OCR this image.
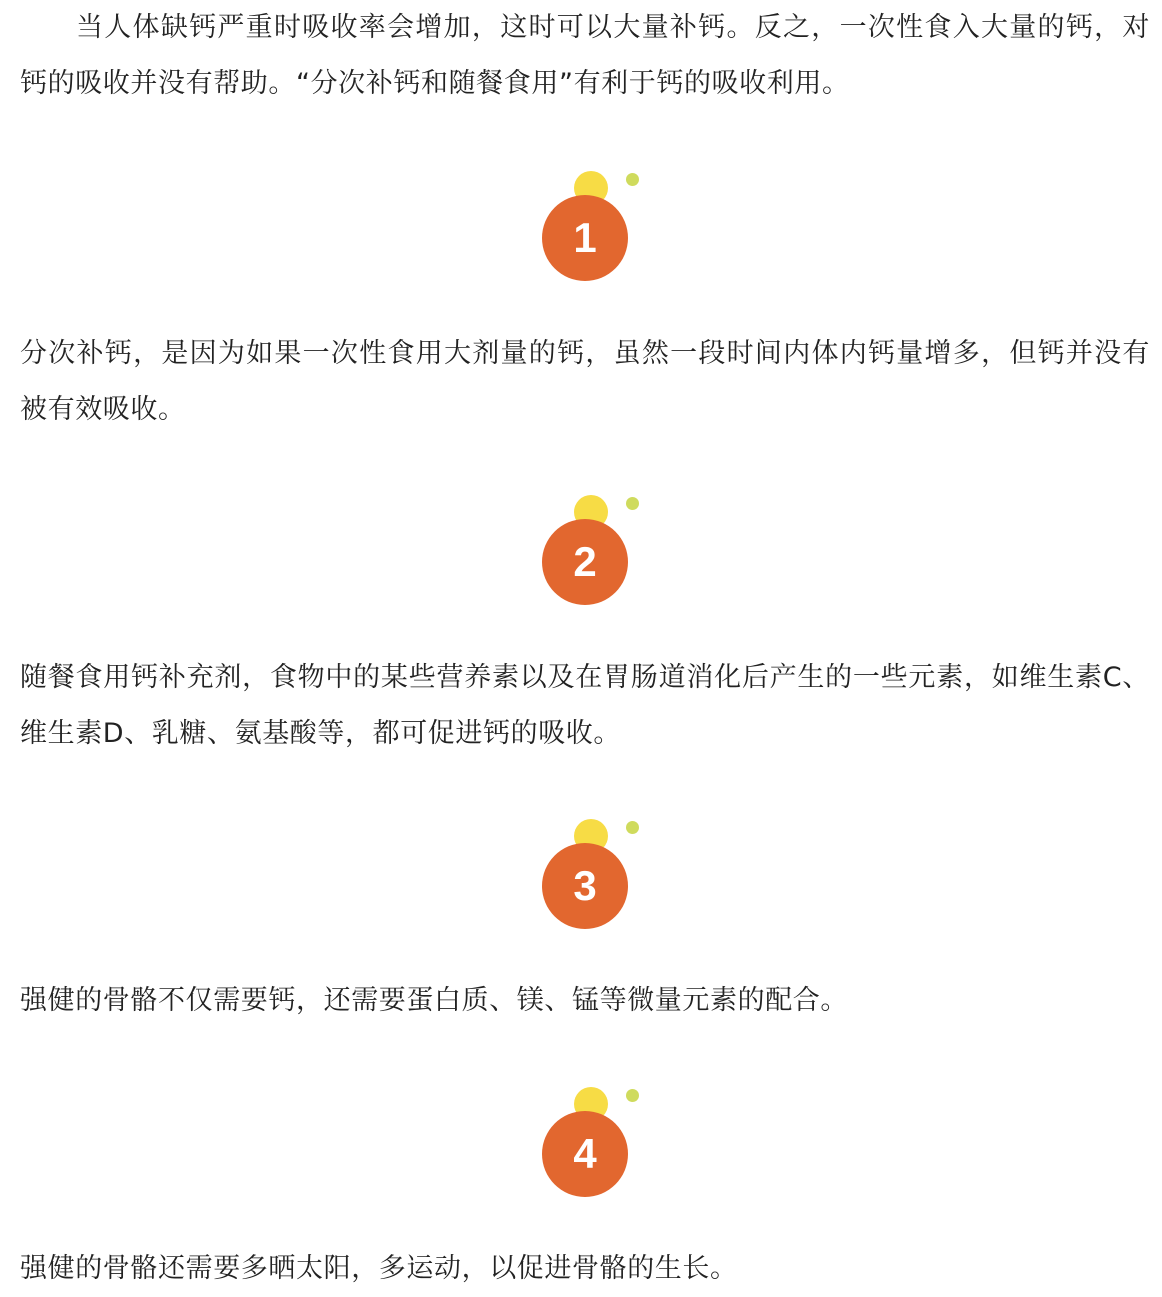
当人体缺钙严重时吸收率会增加，这时可以大量补钙。反之，一次性食入大量的钙，对钙的吸收并没有帮助。“分次补钙和随餐食用”有利于钙的吸收利用。

1

分次补钙，是因为如果一次性食用大剂量的钙，虽然一段时间内体内钙量增多，但钙并没有被有效吸收。

2

随餐食用钙补充剂，食物中的某些营养素以及在胃肠道消化后产生的一些元素，如维生素C、维生素D、乳糖、氨基酸等，都可促进钙的吸收。

3

强健的骨骼不仅需要钙，还需要蛋白质、镁、锰等微量元素的配合。

4

强健的骨骼还需要多晒太阳，多运动，以促进骨骼的生长。
